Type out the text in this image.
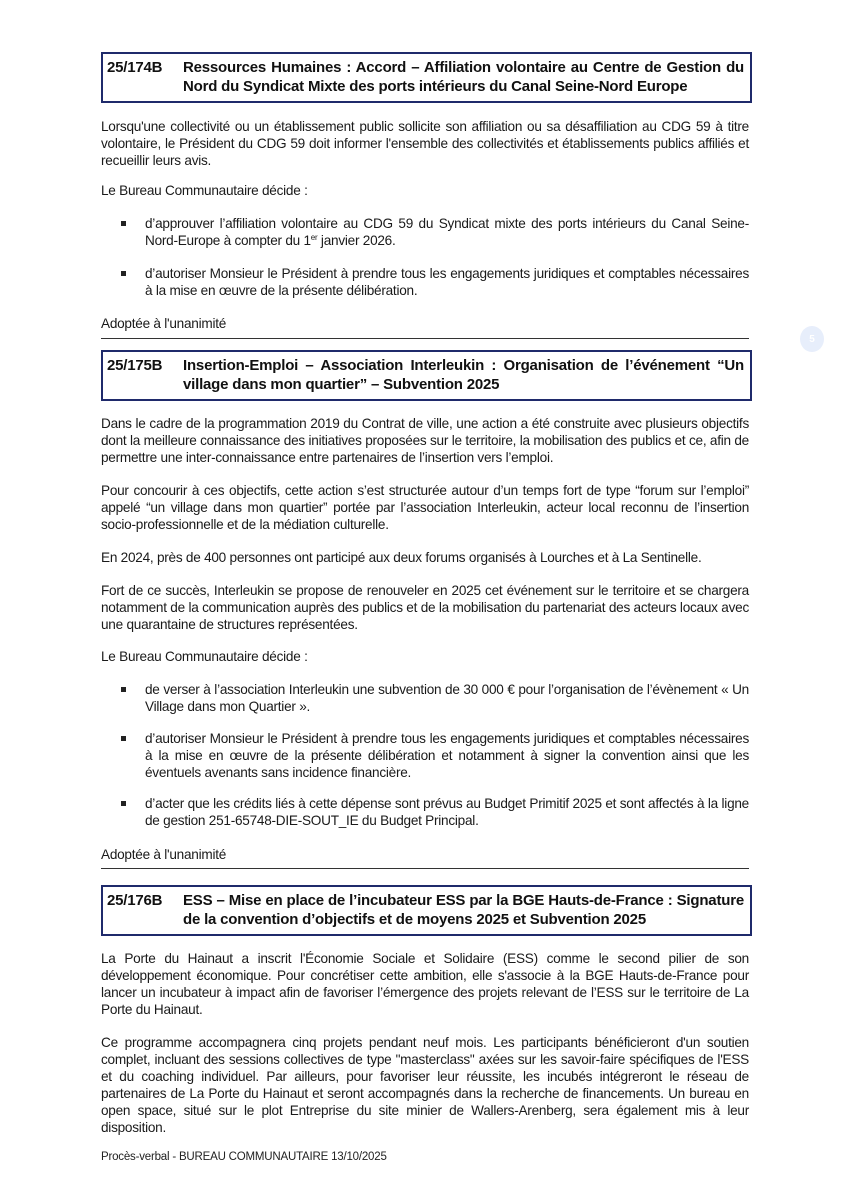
25/174B	Ressources Humaines : Accord – Affiliation volontaire au Centre de Gestion du Nord du Syndicat Mixte des ports intérieurs du Canal Seine-Nord Europe
Lorsqu'une collectivité ou un établissement public sollicite son affiliation ou sa désaffiliation au CDG 59 à titre volontaire, le Président du CDG 59 doit informer l'ensemble des collectivités et établissements publics affiliés et recueillir leurs avis.
Le Bureau Communautaire décide :
d’approuver l’affiliation volontaire au CDG 59 du Syndicat mixte des ports intérieurs du Canal Seine-Nord-Europe à compter du 1er janvier 2026.
d’autoriser Monsieur le Président à prendre tous les engagements juridiques et comptables nécessaires à la mise en œuvre de la présente délibération.
Adoptée à l'unanimité
25/175B	Insertion-Emploi – Association Interleukin : Organisation de l’événement “Un village dans mon quartier” – Subvention 2025
Dans le cadre de la programmation 2019 du Contrat de ville, une action a été construite avec plusieurs objectifs dont la meilleure connaissance des initiatives proposées sur le territoire, la mobilisation des publics et ce, afin de permettre une inter-connaissance entre partenaires de l’insertion vers l’emploi.
Pour concourir à ces objectifs, cette action s’est structurée autour d’un temps fort de type “forum sur l’emploi” appelé “un village dans mon quartier” portée par l’association Interleukin, acteur local reconnu de l’insertion socio-professionnelle et de la médiation culturelle.
En 2024, près de 400 personnes ont participé aux deux forums organisés à Lourches et à La Sentinelle.
Fort de ce succès, Interleukin se propose de renouveler en 2025 cet événement sur le territoire et se chargera notamment de la communication auprès des publics et de la mobilisation du partenariat des acteurs locaux avec une quarantaine de structures représentées.
Le Bureau Communautaire décide :
de verser à l’association Interleukin une subvention de 30 000 € pour l’organisation de l’évènement « Un Village dans mon Quartier ».
d’autoriser Monsieur le Président à prendre tous les engagements juridiques et comptables nécessaires à la mise en œuvre de la présente délibération et notamment à signer la convention ainsi que les éventuels avenants sans incidence financière.
d’acter que les crédits liés à cette dépense sont prévus au Budget Primitif 2025 et sont affectés à la ligne de gestion 251-65748-DIE-SOUT_IE du Budget Principal.
Adoptée à l'unanimité
25/176B	ESS – Mise en place de l’incubateur ESS par la BGE Hauts-de-France : Signature de la convention d’objectifs et de moyens 2025 et Subvention 2025
La Porte du Hainaut a inscrit l'Économie Sociale et Solidaire (ESS) comme le second pilier de son développement économique. Pour concrétiser cette ambition, elle s'associe à la BGE Hauts-de-France pour lancer un incubateur à impact afin de favoriser l’émergence des projets relevant de l’ESS sur le territoire de La Porte du Hainaut.
Ce programme accompagnera cinq projets pendant neuf mois. Les participants bénéficieront d'un soutien complet, incluant des sessions collectives de type "masterclass" axées sur les savoir-faire spécifiques de l'ESS et du coaching individuel. Par ailleurs, pour favoriser leur réussite, les incubés intégreront le réseau de partenaires de La Porte du Hainaut et seront accompagnés dans la recherche de financements. Un bureau en open space, situé sur le plot Entreprise du site minier de Wallers-Arenberg, sera également mis à leur disposition.
5
Procès-verbal - BUREAU COMMUNAUTAIRE 13/10/2025
